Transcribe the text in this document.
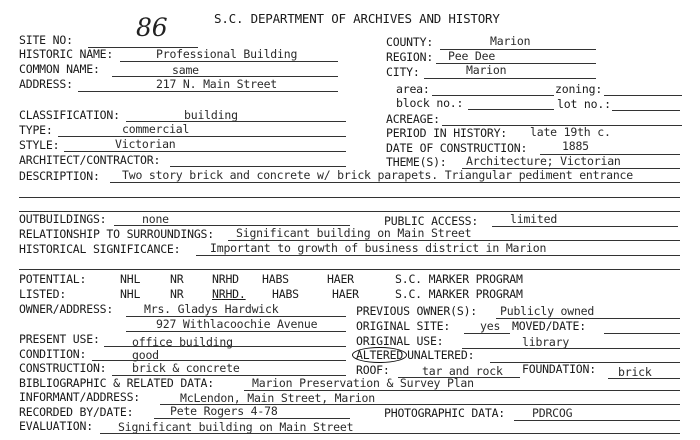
S.C. DEPARTMENT OF ARCHIVES AND HISTORY
SITE NO:	86
HISTORIC NAME:	Professional Building
COMMON NAME:	same
ADDRESS:	217 N. Main Street
COUNTY:	Marion
REGION: Pee Dee
CITY:	Marion
area:	zoning:
block no.:	lot no.:
CLASSIFICATION:	building	ACREAGE:
TYPE:	commercial	PERIOD IN HISTORY: late 19th c.
STYLE:	Victorian	DATE OF CONSTRUCTION:	1885
ARCHITECT/CONTRACTOR:	THEME(S): Architecture; Victorian
DESCRIPTION: Two story brick and concrete w/ brick parapets. Triangular pediment entrance
OUTBUILDINGS:	none	PUBLIC ACCESS:	limited
RELATIONSHIP TO SURROUNDINGS: Significant building on Main Street
HISTORICAL SIGNIFICANCE:	Important to growth of business district in Marion
POTENTIAL:	NHL	NR NRHD HABS	HAER	S.C. MARKER PROGRAM
LISTED:	NHL	NR NRHD. HABS	HAER	S.C. MARKER PROGRAM
OWNER/ADDRESS:	Mrs. Gladys Hardwick
927 Withlacoochie Avenue
PREVIOUS OWNER(S): Publicly owned
ORIGINAL SITE:	yes MOVED/DATE:
PRESENT USE:	office building	ORIGINAL USE:	library
CONDITION:	good	ALTERED UNALTERED:
CONSTRUCTION: brick & concrete	ROOF:	tar and rock FOUNDATION: brick
BIBLIOGRAPHIC & RELATED DATA:	Marion Preservation & Survey Plan
INFORMANT/ADDRESS:	McLendon, Main Street, Marion
RECORDED BY/DATE:	Pete Rogers 4-78	PHOTOGRAPHIC DATA: PDRCOG
EVALUATION: Significant building on Main Street
